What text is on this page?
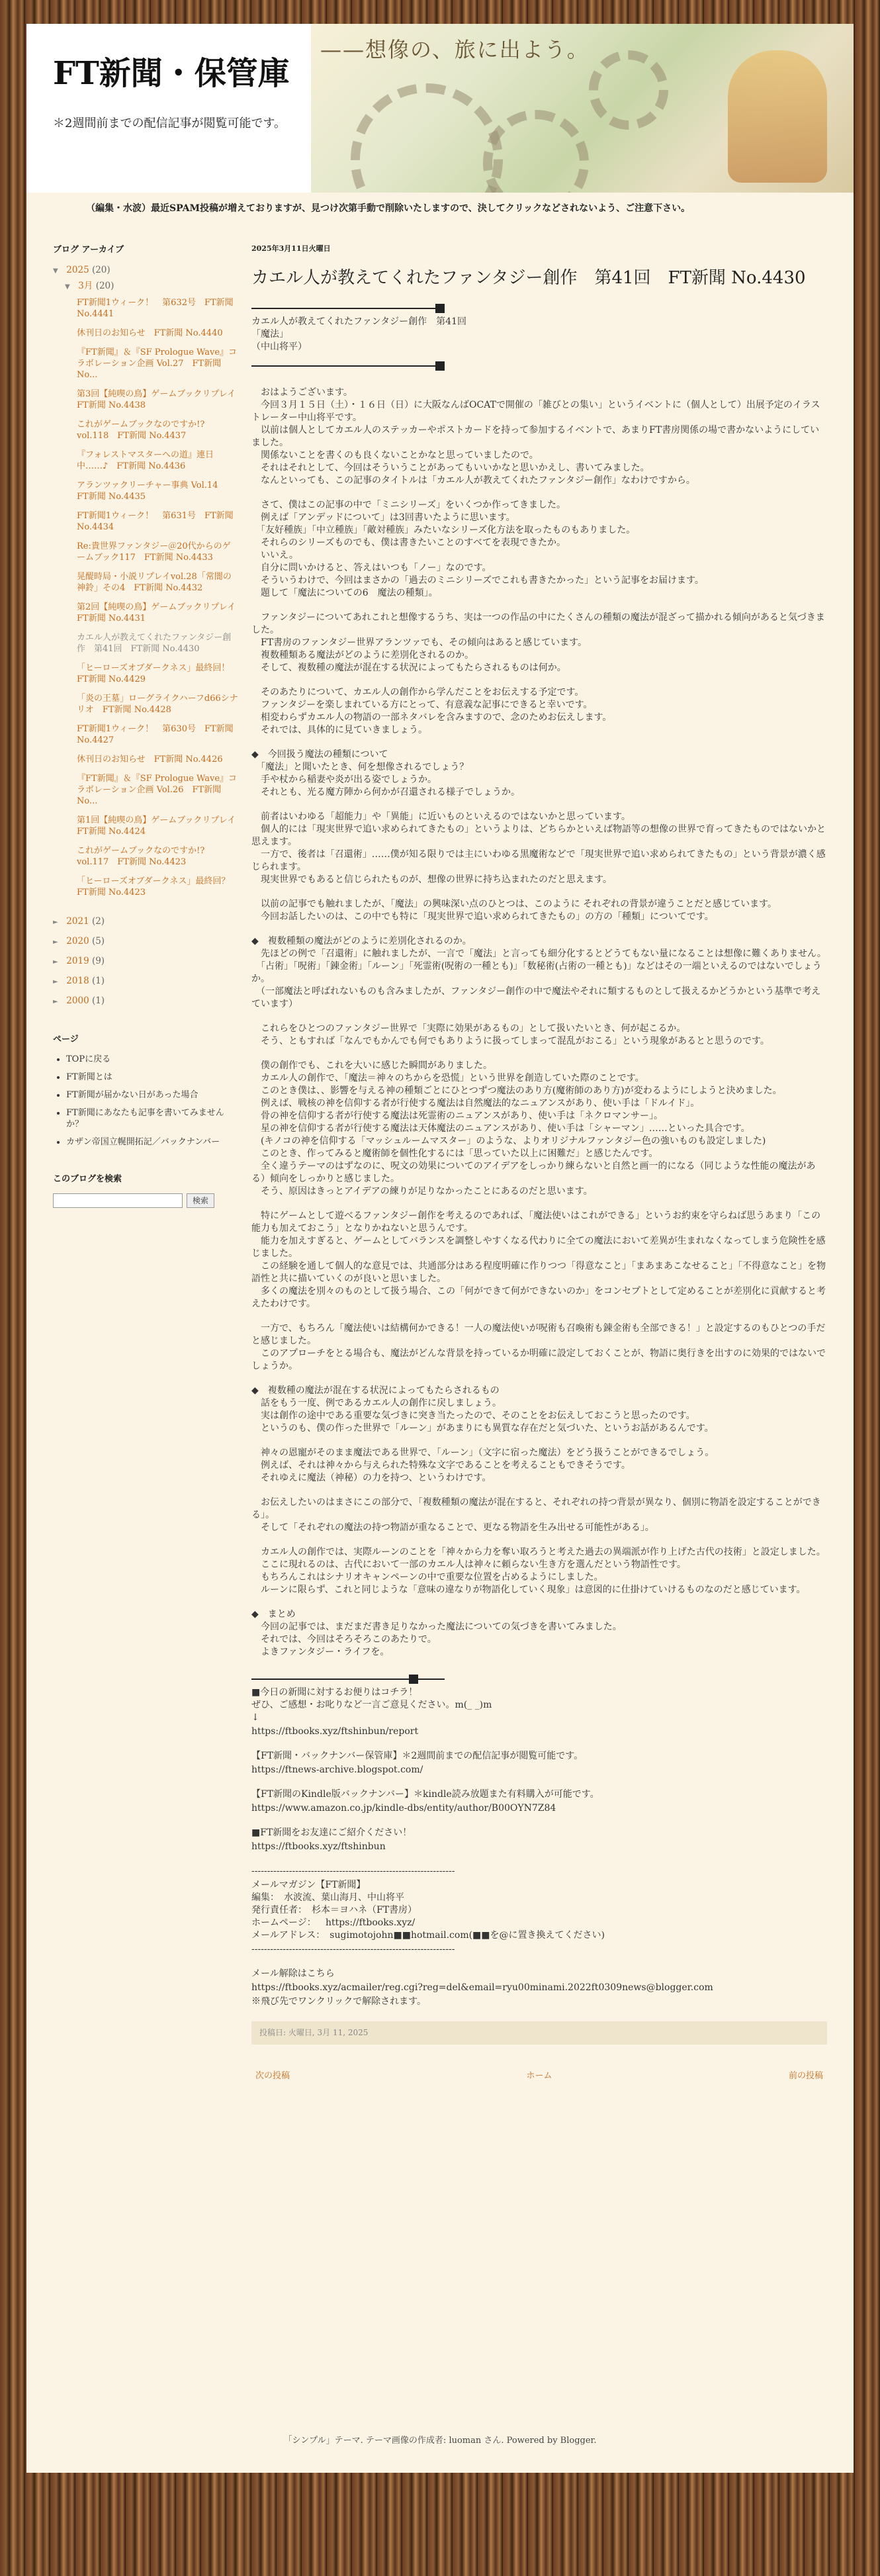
FT新聞・保管庫
＊2週間前までの配信記事が閲覧可能です。
——想像の、旅に出よう。
（編集・水波）最近SPAM投稿が増えておりますが、見つけ次第手動で削除いたしますので、決してクリックなどされないよう、ご注意下さい。
ブログ アーカイブ
▼ 2025 (20)
▼ 3月 (20)
FT新聞1ウィーク！　第632号　FT新聞 No.4441
休刊日のお知らせ　FT新聞 No.4440
『FT新聞』＆『SF Prologue Wave』コラボレーション企画 Vol.27　FT新聞 No...
第3回【純喫の鳥】ゲームブックリプレイ　FT新聞 No.4438
これがゲームブックなのですか!?　vol.118　FT新聞 No.4437
『フォレストマスターへの道』連日中……♪　FT新聞 No.4436
アランツァクリーチャー事典 Vol.14　FT新聞 No.4435
FT新聞1ウィーク！　第631号　FT新聞 No.4434
Re:貴世界ファンタジー＠20代からのゲームブック117　FT新聞 No.4433
晃醍時局・小説リプレイvol.28「常闇の神鈴」その4　FT新聞 No.4432
第2回【純喫の鳥】ゲームブックリプレイ　FT新聞 No.4431
カエル人が教えてくれたファンタジー創作　第41回　FT新聞 No.4430
「ヒーローズオブダークネス」最終回！　FT新聞 No.4429
「炎の王墓」ローグライクハーフd66シナリオ　FT新聞 No.4428
FT新聞1ウィーク！　第630号　FT新聞 No.4427
休刊日のお知らせ　FT新聞 No.4426
『FT新聞』＆『SF Prologue Wave』コラボレーション企画 Vol.26　FT新聞 No...
第1回【純喫の鳥】ゲームブックリプレイ　FT新聞 No.4424
これがゲームブックなのですか!?　vol.117　FT新聞 No.4423
「ヒーローズオブダークネス」最終回？　FT新聞 No.4423
► 2021 (2)
► 2020 (5)
► 2019 (9)
► 2018 (1)
► 2000 (1)
ページ
• TOPに戻る
• FT新聞とは
• FT新聞が届かない日があった場合
• FT新聞にあなたも記事を書いてみませんか？
• カザン帝国立幌開拓記／バックナンバー
このブログを検索
検索
2025年3月11日火曜日
カエル人が教えてくれたファンタジー創作　第41回　FT新聞 No.4430

カエル人が教えてくれたファンタジー創作　第41回
「魔法」
（中山将平）

　おはようございます。
　今回３月１５日（土）・１６日（日）に大阪なんばOCATで開催の「雑びとの集い」というイベントに（個人として）出展予定のイラストレーター中山将平です。
　以前は個人としてカエル人のステッカーやポストカードを持って参加するイベントで、あまりFT書房関係の場で書かないようにしていました。
　関係ないことを書くのも良くないことかなと思っていましたので。
　それはそれとして、今回はそういうことがあってもいいかなと思いかえし、書いてみました。
　なんといっても、この記事のタイトルは「カエル人が教えてくれたファンタジー創作」なわけですから。

　さて、僕はこの記事の中で「ミニシリーズ」をいくつか作ってきました。
　例えば「アンデッドについて」は3回書いたように思います。
　「友好種族」「中立種族」「敵対種族」みたいなシリーズ化方法を取ったものもありました。
　それらのシリーズものでも、僕は書きたいことのすべてを表現できたか。
　いいえ。
　自分に問いかけると、答えはいつも「ノー」なのです。
　そういうわけで、今回はまさかの「過去のミニシリーズでこれも書きたかった」という記事をお届けます。
　題して「魔法についての6　魔法の種類」。

　ファンタジーについてあれこれと想像するうち、実は一つの作品の中にたくさんの種類の魔法が混ざって描かれる傾向があると気づきました。
　FT書房のファンタジー世界アランツァでも、その傾向はあると感じています。
　複数種類ある魔法がどのように差別化されるのか。
　そして、複数種の魔法が混在する状況によってもたらされるものは何か。

　そのあたりについて、カエル人の創作から学んだことをお伝えする予定です。
　ファンタジーを楽しまれている方にとって、有意義な記事にできると幸いです。
　相変わらずカエル人の物語の一部ネタバレを含みますので、念のためお伝えします。
　それでは、具体的に見ていきましょう。

◆　今回扱う魔法の種類について
　「魔法」と聞いたとき、何を想像されるでしょう？
　手や杖から稲妻や炎が出る姿でしょうか。
　それとも、光る魔方陣から何かが召還される様子でしょうか。

　前者はいわゆる「超能力」や「異能」に近いものといえるのではないかと思っています。
　個人的には「現実世界で追い求められてきたもの」というよりは、どちらかといえば物語等の想像の世界で育ってきたものではないかと思えます。
　一方で、後者は「召還術」……僕が知る限りでは主にいわゆる黒魔術などで「現実世界で追い求められてきたもの」という背景が濃く感じられます。
　現実世界でもあると信じられたものが、想像の世界に持ち込まれたのだと思えます。

　以前の記事でも触れましたが、「魔法」の興味深い点のひとつは、このように それぞれの背景が違うことだと感じています。
　今回お話したいのは、この中でも特に「現実世界で追い求められてきたもの」の方の「種類」についてです。

◆　複数種類の魔法がどのように差別化されるのか。
　先ほどの例で「召還術」に触れましたが、一言で「魔法」と言っても細分化するとどうてもない量になることは想像に難くありません。
　「占術」「呪術」「錬金術」「ルーン」「死霊術(呪術の一種とも)」「数秘術(占術の一種とも)」などはその一端といえるのではないでしょうか。
　（一部魔法と呼ばれないものも含みましたが、ファンタジー創作の中で魔法やそれに類するものとして扱えるかどうかという基準で考えています）

　これらをひとつのファンタジー世界で「実際に効果があるもの」として扱いたいとき、何が起こるか。
　そう、ともすれば「なんでもかんでも何でもありように扱ってしまって混乱がおこる」という現象があるとと思うのです。

　僕の創作でも、これを大いに感じた瞬間がありました。
　カエル人の創作で、「魔法＝神々のちからを恐慌」という世界を創造していた際のことです。
　このとき僕は、、影響を与える神の種類ごとにひとつずつ魔法のあり方(魔術師のあり方)が変わるようにしようと決めました。
　例えば、戦核の神を信仰する者が行使する魔法は自然魔法的なニュアンスがあり、使い手は「ドルイド」。
　骨の神を信仰する者が行使する魔法は死霊術のニュアンスがあり、使い手は「ネクロマンサー」。
　星の神を信仰する者が行使する魔法は天体魔法のニュアンスがあり、使い手は「シャーマン」……といった具合です。
　(キノコの神を信仰する「マッシュルームマスター」のような、よりオリジナルファンタジー色の強いものも設定しました)
　このとき、作ってみると魔術師を個性化するには「思っていた以上に困難だ」と感じたんです。
　全く違うテーマのはずなのに、呪文の効果についてのアイデアをしっかり練らないと自然と画一的になる（同じような性能の魔法がある）傾向をしっかりと感じました。
　そう、原因はきっとアイデアの練りが足りなかったことにあるのだと思います。

　特にゲームとして遊べるファンタジー創作を考えるのであれば、「魔法使いはこれができる」というお約束を守らねば思うあまり「この能力も加えておこう」となりかねないと思うんです。
　能力を加えすぎると、ゲームとしてバランスを調整しやすくなる代わりに全ての魔法において差異が生まれなくなってしまう危険性を感じました。
　この経験を通して個人的な意見では、共通部分はある程度明確に作りつつ「得意なこと」「まあまあこなせること」「不得意なこと」を物語性と共に描いていくのが良いと思いました。
　多くの魔法を別々のものとして扱う場合、この「何ができて何ができないのか」をコンセプトとして定めることが差別化に貢献すると考えたわけです。

　一方で、もちろん「魔法使いは結構何かできる！一人の魔法使いが呪術も召喚術も錬金術も全部できる！」と設定するのもひとつの手だと感じました。
　このアプローチをとる場合も、魔法がどんな背景を持っているか明確に設定しておくことが、物語に奥行きを出すのに効果的ではないでしょうか。

◆　複数種の魔法が混在する状況によってもたらされるもの
　話をもう一度、例であるカエル人の創作に戻しましょう。
　実は創作の途中である重要な気づきに突き当たったので、そのことをお伝えしておこうと思ったのです。
　というのも、僕の作った世界で「ルーン」があまりにも異質な存在だと気づいた、というお話があるんです。

　神々の恩寵がそのまま魔法である世界で、「ルーン」（文字に宿った魔法）をどう扱うことができるでしょう。
　例えば、それは神々から与えられた特殊な文字であることを考えることもできそうです。
　それゆえに魔法（神秘）の力を持つ、というわけです。

　お伝えしたいのはまさにこの部分で、「複数種類の魔法が混在すると、それぞれの持つ背景が異なり、個別に物語を設定することができる」。
　そして「それぞれの魔法の持つ物語が重なることで、更なる物語を生み出せる可能性がある」。

　カエル人の創作では、実際ルーンのことを「神々から力を奪い取ろうと考えた過去の異端派が作り上げた古代の技術」と設定しました。
　ここに現れるのは、古代において一部のカエル人は神々に頼らない生き方を選んだという物語性です。
　もちろんこれはシナリオキャンペーンの中で重要な位置を占めるようにしました。
　ルーンに限らず、これと同じような「意味の違なりが物語化していく現象」は意図的に仕掛けていけるものなのだと感じています。

◆　まとめ
　今回の記事では、まだまだ書き足りなかった魔法についての気づきを書いてみました。
　それでは、今回はそろそろこのあたりで。
　よきファンタジー・ライフを。

■今日の新聞に対するお便りはコチラ！
ぜひ、ご感想・お叱りなど一言ご意見ください。m(_ _)m
↓

https://ftbooks.xyz/ftshinbun/report

【FT新聞・バックナンバー保管庫】＊2週間前までの配信記事が閲覧可能です。

https://ftnews-archive.blogspot.com/

【FT新聞のKindle版バックナンバー】＊kindle読み放題また有料購入が可能です。

https://www.amazon.co.jp/kindle-dbs/entity/author/B00OYN7Z84

■FT新聞をお友達にご紹介ください！

https://ftbooks.xyz/ftshinbun

-----------------------------------------------------------------

メールマガジン【FT新聞】
編集：　水波流、葉山海月、中山将平
発行責任者：　杉本＝ヨハネ（FT書房）
ホームページ：	https://ftbooks.xyz/

メールアドレス：　sugimotojohn■■hotmail.com(■■を@に置き換えてください)

-----------------------------------------------------------------

メール解除はこちら

https://ftbooks.xyz/acmailer/reg.cgi?reg=del&email=ryu00minami.2022ft0309news@blogger.com

※飛び先でワンクリックで解除されます。

投稿日: 火曜日, 3月 11, 2025
次の投稿	ホーム	前の投稿
「シンプル」テーマ. テーマ画像の作成者: luoman さん. Powered by Blogger.
